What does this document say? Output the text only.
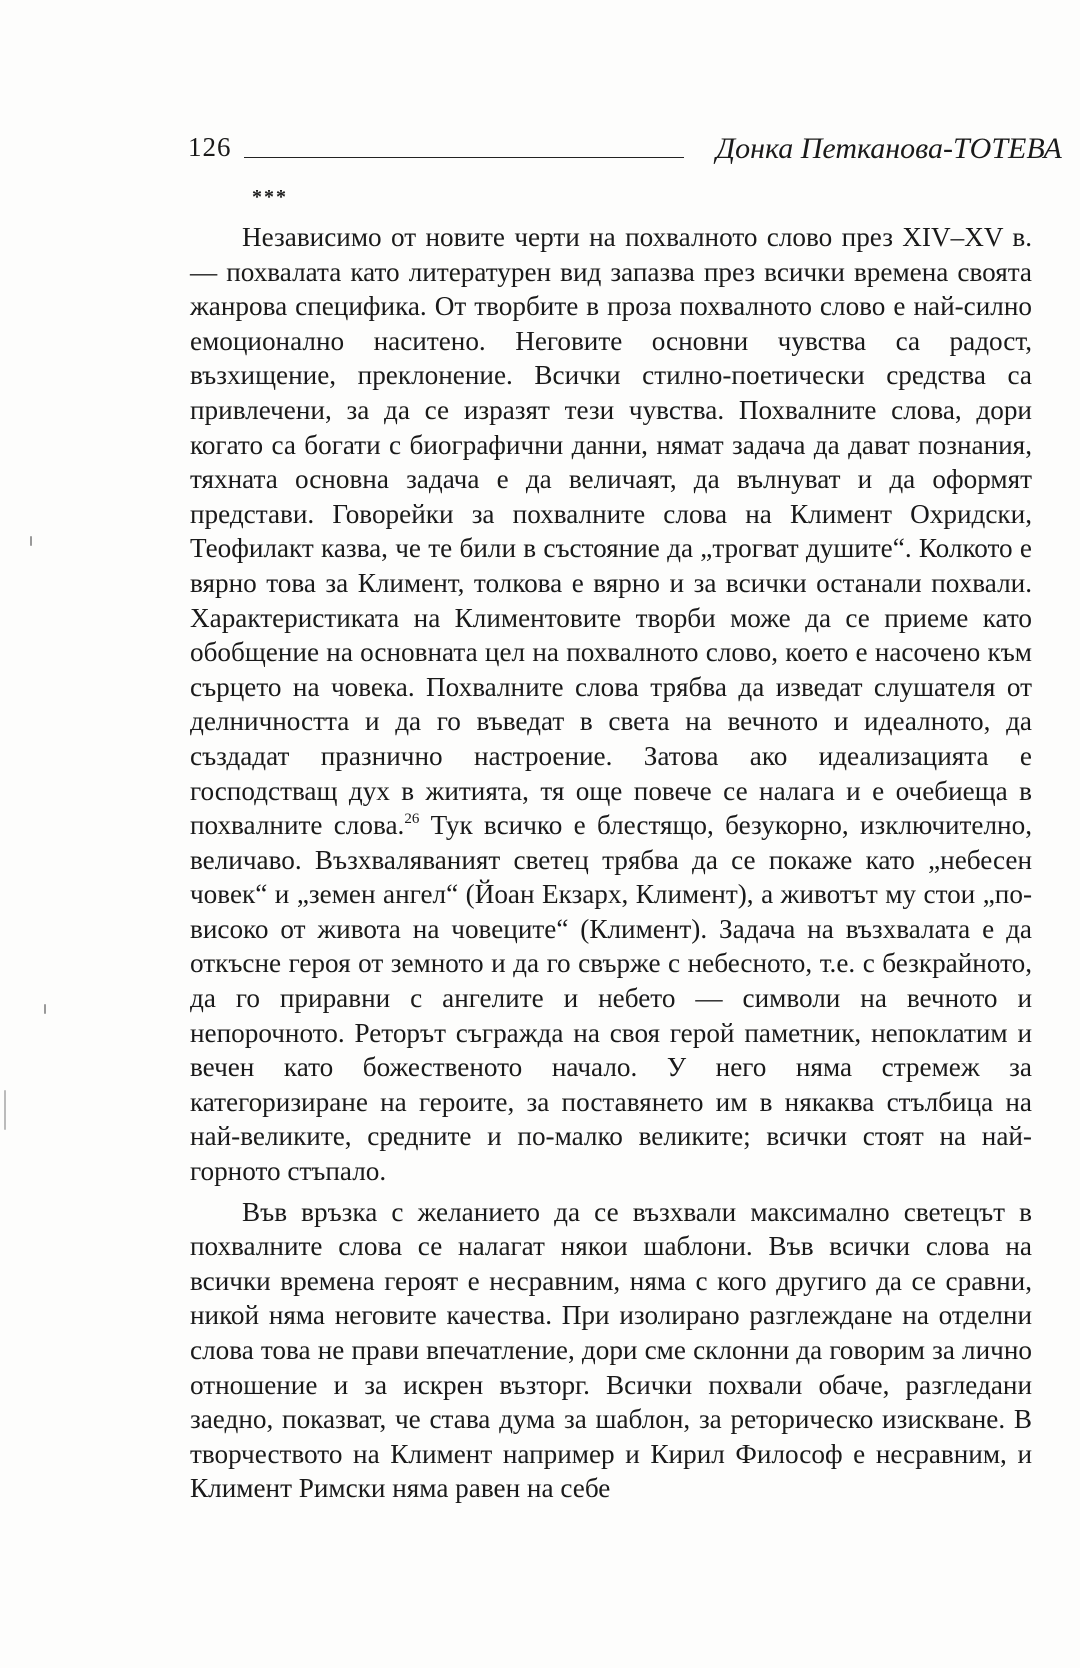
126	Донка Петканова-ТОТЕВА
***

Независимо от новите черти на похвалното слово през XIV–XV в. — похвалата като литературен вид запазва през всички времена своята жанрова специфика. От творбите в проза похвалното слово е най-силно емоционално наситено. Неговите основни чувства са радост, възхищение, преклонение. Всички стилно-поетически средства са привлечени, за да се изразят тези чувства. Похвалните слова, дори когато са богати с биографични данни, нямат задача да дават познания, тяхната основна задача е да величаят, да вълнуват и да оформят представи. Говорейки за похвалните слова на Климент Охридски, Теофилакт казва, че те били в състояние да „трогват душите“. Колкото е вярно това за Климент, толкова е вярно и за всички останали похвали. Характеристиката на Климентовите творби може да се приеме като обобщение на основната цел на похвалното слово, което е насочено към сърцето на човека. Похвалните слова трябва да изведат слушателя от делничността и да го въведат в света на вечното и идеалното, да създадат празнично настроение. Затова ако идеализацията е господстващ дух в житията, тя още повече се налага и е очебиеща в похвалните слова.$^{26}$ Тук всичко е блестящо, безукорно, изключително, величаво. Възхваляваният светец трябва да се покаже като „небесен човек“ и „земен ангел“ (Йоан Екзарх, Климент), а животът му стои „по-високо от живота на човеците“ (Климент). Задача на възхвалата е да откъсне героя от земното и да го свърже с небесното, т.е. с безкрайното, да го приравни с ангелите и небето — символи на вечното и непорочното. Реторът съгражда на своя герой паметник, непоклатим и вечен като божественото начало. У него няма стремеж за категоризиране на героите, за поставянето им в някаква стълбица на най-великите, средните и по-малко великите; всички стоят на най-горното стъпало.

Във връзка с желанието да се възхвали максимално светецът в похвалните слова се налагат някои шаблони. Във всички слова на всички времена героят е несравним, няма с кого другиго да се сравни, никой няма неговите качества. При изолирано разглеждане на отделни слова това не прави впечатление, дори сме склонни да говорим за лично отношение и за искрен възторг. Всички похвали обаче, разгледани заедно, показват, че става дума за шаблон, за реторическо изискване. В творчеството на Климент например и Кирил Философ е несравним, и Климент Римски няма равен на себе
